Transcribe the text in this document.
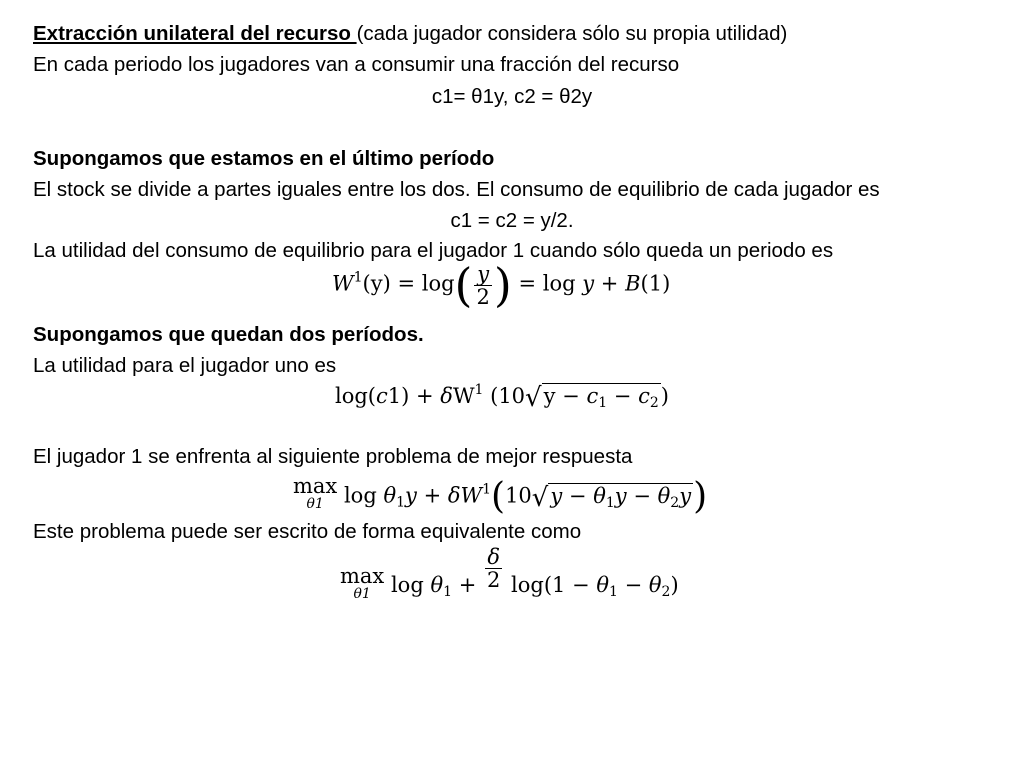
Extracción unilateral del recurso (cada jugador considera sólo su propia utilidad)
En cada periodo los jugadores van a consumir una fracción del recurso
c1= θ1y, c2 = θ2y
Supongamos que estamos en el último período
El stock se divide a partes iguales entre los dos. El consumo de equilibrio de cada jugador es
c1 = c2 = y/2.
La utilidad del consumo de equilibrio para el jugador 1 cuando sólo queda un periodo es
$W^1(y) = \log( \frac{y}{2}$ ) = log y + B(1)
Supongamos que quedan dos períodos.
La utilidad para el jugador uno es
$\log(c1) + \delta W^1$ $(10√y - c_1 - c_2)$
El jugador 1 se enfrenta al siguiente problema de mejor respuesta
max
θ1 $\log \theta_1y + \delta W^1(10√y - \theta_1y - \theta_2y)$
Este problema puede ser escrito de forma equivalente como
max
θ1 $\log \theta_1 + \frac{\delta}{2} \log(1 - \theta_1 - \theta_2)$
